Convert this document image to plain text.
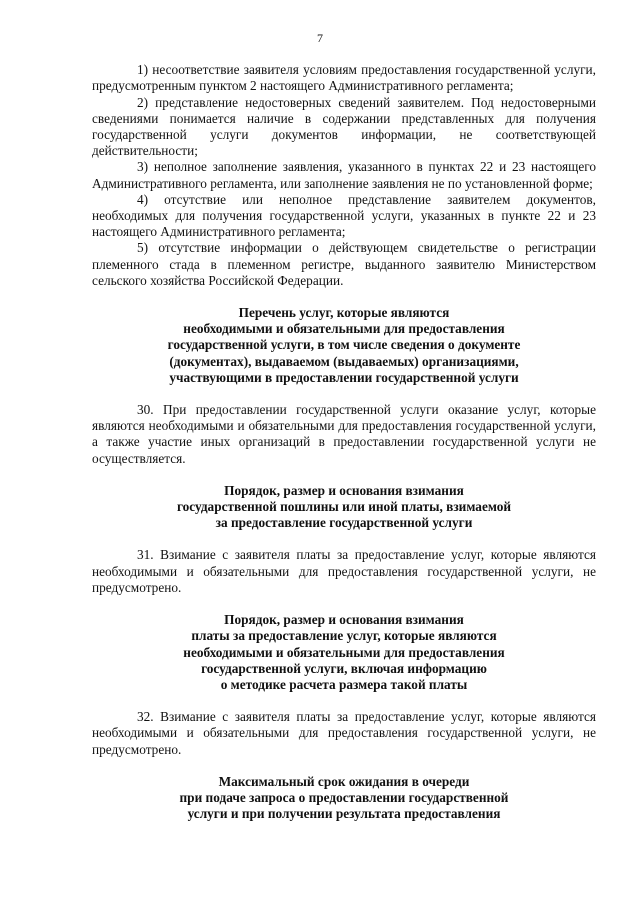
7

1) несоответствие заявителя условиям предоставления государственной услуги, предусмотренным пунктом 2 настоящего Административного регламента;

2) представление недостоверных сведений заявителем. Под недостоверными сведениями понимается наличие в содержании представленных для получения государственной услуги документов информации, не соответствующей действительности;

3) неполное заполнение заявления, указанного в пунктах 22 и 23 настоящего Административного регламента, или заполнение заявления не по установленной форме;

4) отсутствие или неполное представление заявителем документов, необходимых для получения государственной услуги, указанных в пункте 22 и 23 настоящего Административного регламента;

5) отсутствие информации о действующем свидетельстве о регистрации племенного стада в племенном регистре, выданного заявителю Министерством сельского хозяйства Российской Федерации.

Перечень услуг, которые являются
необходимыми и обязательными для предоставления
государственной услуги, в том числе сведения о документе
(документах), выдаваемом (выдаваемых) организациями,
участвующими в предоставлении государственной услуги

30. При предоставлении государственной услуги оказание услуг, которые являются необходимыми и обязательными для предоставления государственной услуги, а также участие иных организаций в предоставлении государственной услуги не осуществляется.

Порядок, размер и основания взимания
государственной пошлины или иной платы, взимаемой
за предоставление государственной услуги

31. Взимание с заявителя платы за предоставление услуг, которые являются необходимыми и обязательными для предоставления государственной услуги, не предусмотрено.

Порядок, размер и основания взимания
платы за предоставление услуг, которые являются
необходимыми и обязательными для предоставления
государственной услуги, включая информацию
о методике расчета размера такой платы

32. Взимание с заявителя платы за предоставление услуг, которые являются необходимыми и обязательными для предоставления государственной услуги, не предусмотрено.

Максимальный срок ожидания в очереди
при подаче запроса о предоставлении государственной
услуги и при получении результата предоставления
